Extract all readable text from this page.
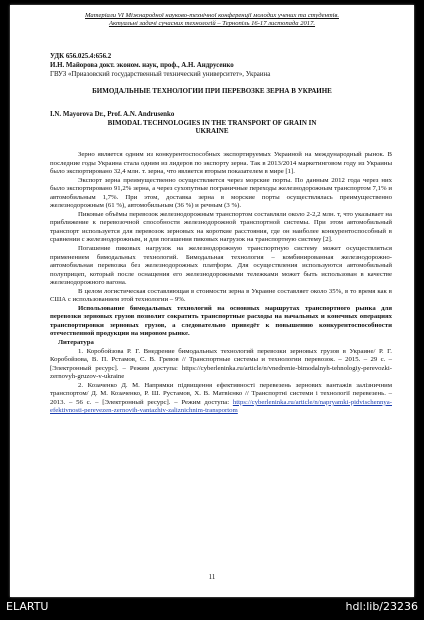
Матеріали VI Міжнародної науково-технічної конференції молодих учених та студентів.
Актуальні задачі сучасних технологій – Тернопіль 16-17 листопада 2017.
УДК 656.025.4:656.2
И.Н. Майорова докт. эконом. наук, проф., А.Н. Андрусенко
ГВУЗ «Приазовский государственный технический университет», Украина
БИМОДАЛЬНЫЕ ТЕХНОЛОГИИ ПРИ ПЕРЕВОЗКЕ ЗЕРНА В УКРАИНЕ
I.N. Mayorova Dr., Prof. A.N. Andrusenko
BIMODAL TECHNOLOGIES IN THE TRANSPORT OF GRAIN IN
UKRAINE

Зерно является одним из конкурентоспособных экспортируемых Украиной на международный рынок. В последние годы Украина стала одним из лидеров по экспорту зерна. Так в 2013/2014 маркетинговом году из Украины было экспортировано 32,4 млн. т. зерна, что является вторым показателем в мире [1].

Экспорт зерна преимущественно осуществляется через морские порты. По данным 2012 года через них было экспортировано 91,2% зерна, а через сухопутные пограничные переходы железнодорожным транспортом 7,1% и автомобильным 1,7%. При этом, доставка зерна в морские порты осуществлялась преимущественно железнодорожным (61 %), автомобильным (36 %) и речным (3 %).

Пиковые объёмы перевозок железнодорожным транспортом составляли около 2-2,2 млн. т, что указывает на приближение к перевозочной способности железнодорожной транспортной системы. При этом автомобильный транспорт используется для перевозок зерновых на короткие расстояния, где он наиболее конкурентоспособный в сравнении с железнодорожным, и для погашения пиковых нагрузок на транспортную систему [2].

Погашение пиковых нагрузок на железнодорожную транспортную систему может осуществляться применением бимодальных технологий. Бимодальная технология – комбинированная железнодорожно-автомобильная перевозка без железнодорожных платформ. Для осуществления используются автомобильный полуприцеп, который после оснащения его железнодорожными тележками может быть использован в качестве железнодорожного вагона.

В целом логистическая составляющая в стоимости зерна в Украине составляет около 35%, в то время как в США с использованием этой технологии – 9%.

Использование бимодальных технологий на основных маршрутах транспортного рынка для перевозки зерновых грузов позволит сократить транспортные расходы на начальных и конечных операциях транспортировки зерновых грузов, а следовательно приведёт к повышению конкурентоспособности отечественной продукции на мировом рынке.

Литература

1. Коробойзова Р. Г. Внедрение бимодальных технологий перевозки зерновых грузов в Украине/ Р. Г. Коробойзова, В. П. Рстамов, С. В. Гревов // Транспортные системы и технологии перевозок. – 2015. – 29 с. – [Электронный ресурс]. – Режим доступа: https://cyberleninka.ru/article/n/vnedrenie-bimodalnyh-tehnologiy-perevozki-zernovyh-gruzov-v-ukraine

2. Козаченко Д. М. Напрямки підвищення ефективності перевезень зернових вантажів залізничним транспортом/ Д. М. Козаченко, Р. Ш. Рустамов, Х. В. Матвієнко // Транспортні системи і технології перевезень. – 2013. – 56 с. – [Электронный ресурс]. – Режим доступа: https://cyberleninka.ru/article/n/napryamki-pidvischennya-efektivnosti-perevezen-zernovih-vantazhiv-zaliznichnim-transportom

11
ELARTU	hdl:lib/23236
